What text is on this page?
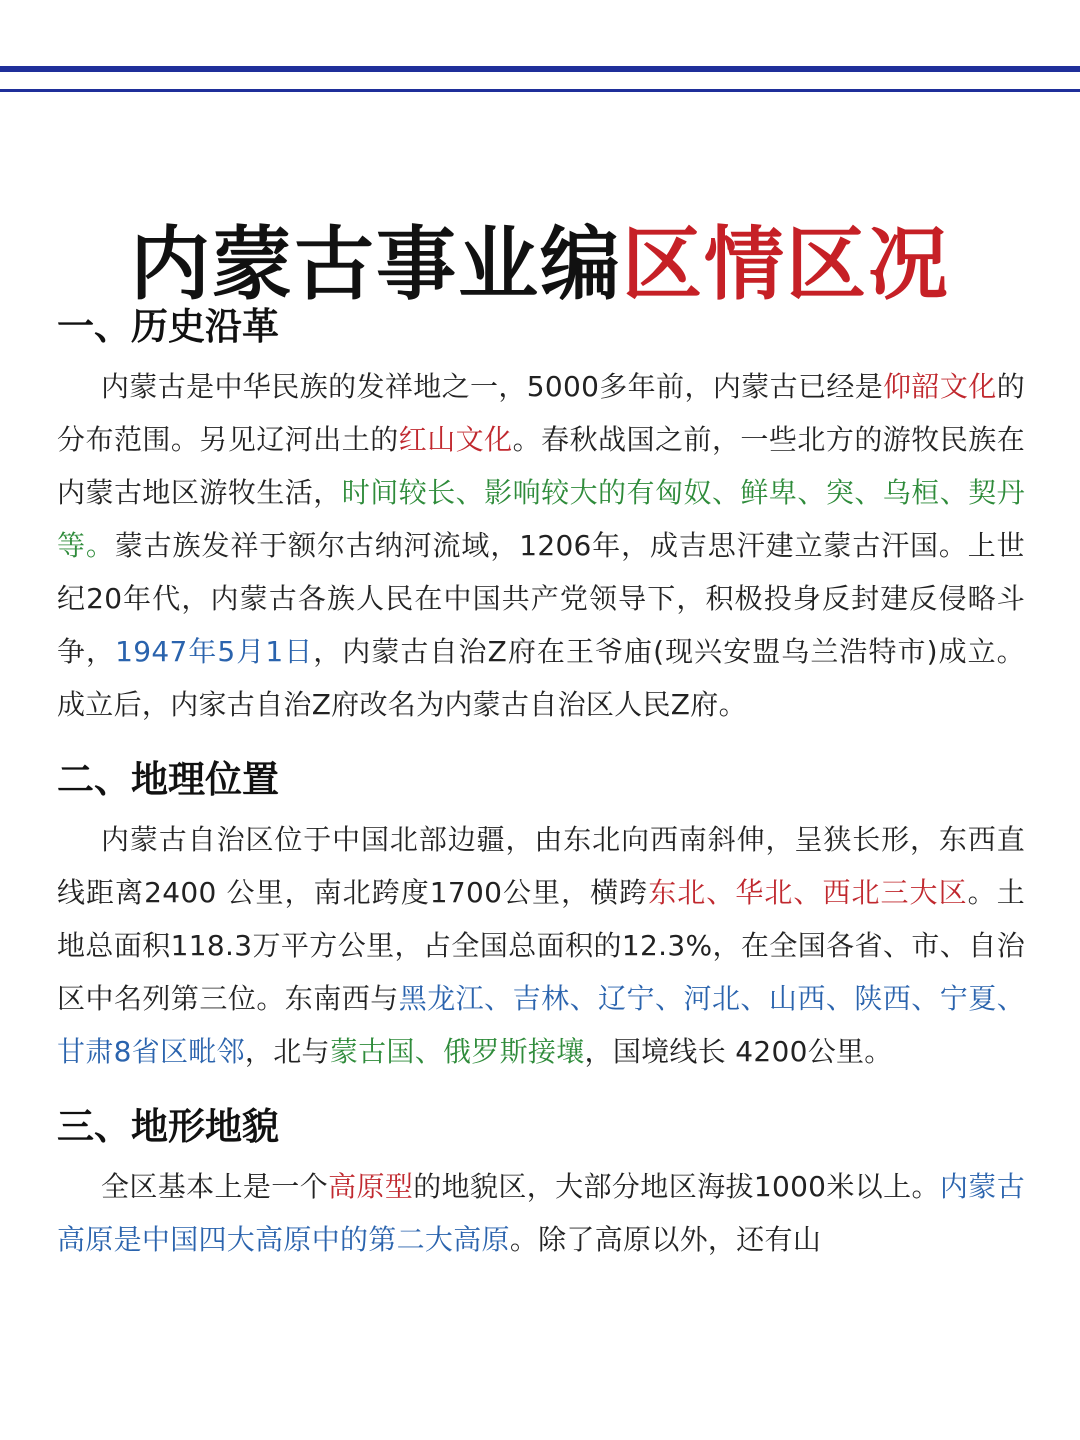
内蒙古事业编区情区况
一、历史沿革

内蒙古是中华民族的发祥地之一，5000多年前，内蒙古已经是仰韶文化的分布范围。另见辽河出土的红山文化。春秋战国之前，一些北方的游牧民族在内蒙古地区游牧生活，时间较长、影响较大的有匈奴、鲜卑、突、乌桓、契丹等。蒙古族发祥于额尔古纳河流域，1206年，成吉思汗建立蒙古汗国。上世纪20年代，内蒙古各族人民在中国共产党领导下，积极投身反封建反侵略斗争，1947年5月1日，内蒙古自治Z府在王爷庙(现兴安盟乌兰浩特市)成立。成立后，内家古自治Z府改名为内蒙古自治区人民Z府。

二、地理位置

内蒙古自治区位于中国北部边疆，由东北向西南斜伸，呈狭长形，东西直线距离2400 公里，南北跨度1700公里，横跨东北、华北、西北三大区。土地总面积118.3万平方公里，占全国总面积的12.3%，在全国各省、市、自治区中名列第三位。东南西与黑龙江、吉林、辽宁、河北、山西、陕西、宁夏、甘肃8省区毗邻，北与蒙古国、俄罗斯接壤，国境线长 4200公里。

三、地形地貌

全区基本上是一个高原型的地貌区，大部分地区海拔1000米以上。内蒙古高原是中国四大高原中的第二大高原。除了高原以外，还有山
